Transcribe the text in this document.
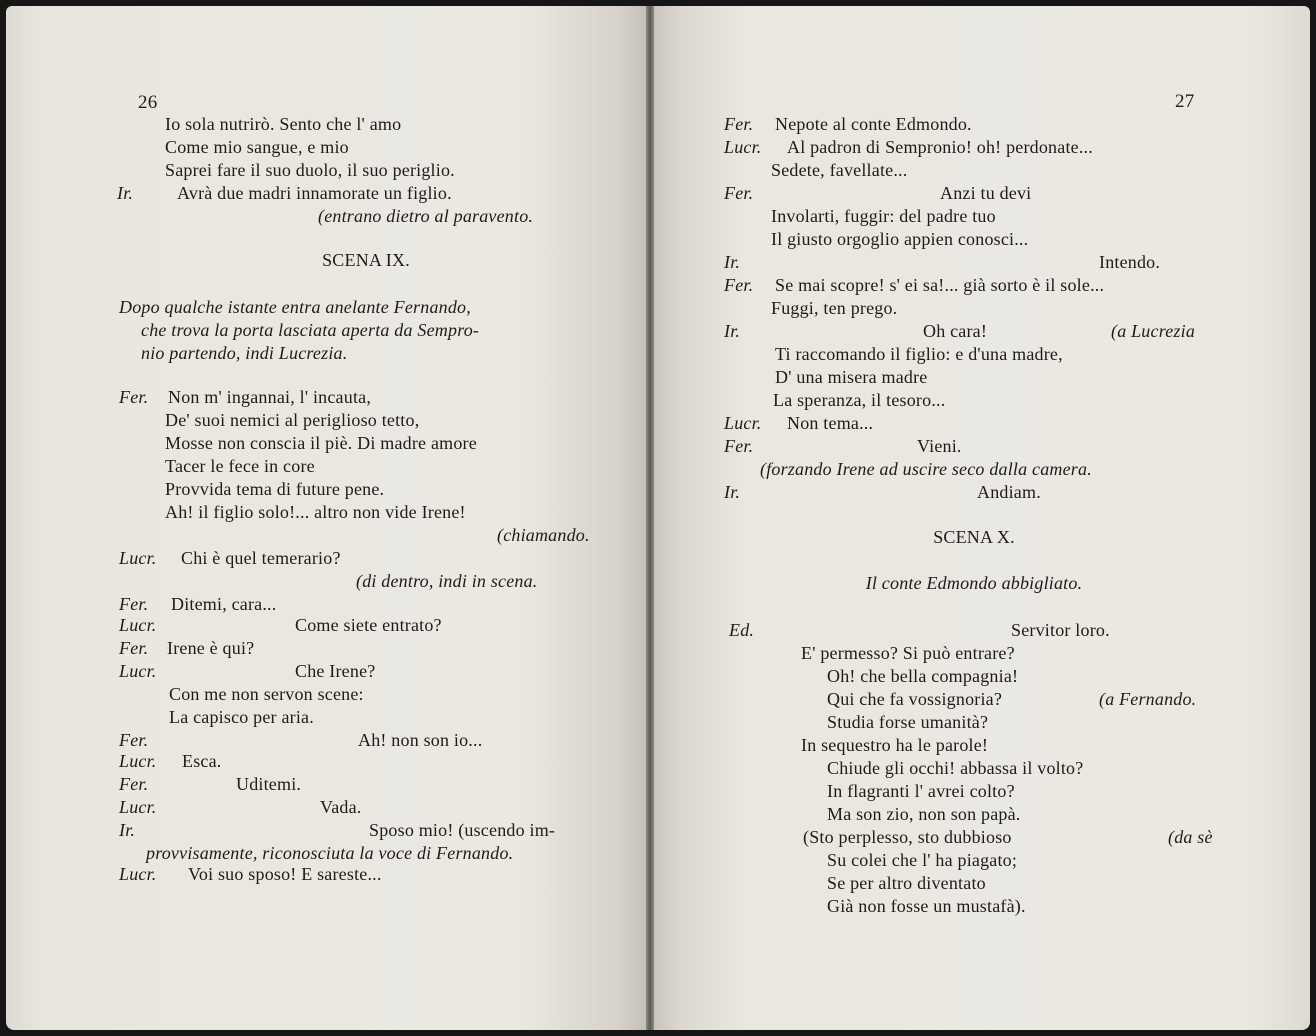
26
Io sola nutrirò. Sento che l' amo
Come mio sangue, e mio
Saprei fare il suo duolo, il suo periglio.
Ir. Avrà due madri innamorate un figlio.
(entrano dietro al paravento.
SCENA IX.
Dopo qualche istante entra anelante Fernando,
che trova la porta lasciata aperta da Sempro-
nio partendo, indi Lucrezia.
Fer. Non m' ingannai, l' incauta,
De' suoi nemici al periglioso tetto,
Mosse non conscia il piè. Di madre amore
Tacer le fece in core
Provvida tema di future pene.
Ah! il figlio solo!... altro non vide Irene!
(chiamando.
Lucr. Chi è quel temerario?
(di dentro, indi in scena.
Fer. Ditemi, cara...
Lucr.	Come siete entrato?
Fer. Irene è qui?
Lucr.	Che Irene?
Con me non servon scene:
La capisco per aria.
Fer.	Ah! non son io...
Lucr. Esca.
Fer.	Uditemi.
Lucr.	Vada.
Ir.	Sposo mio! (uscendo im-
provvisamente, riconosciuta la voce di Fernando.
Lucr. Voi suo sposo! E sareste...
27
Fer. Nepote al conte Edmondo.
Lucr. Al padron di Sempronio! oh! perdonate...
Sedete, favellate...
Fer.	Anzi tu devi
Involarti, fuggir: del padre tuo
Il giusto orgoglio appien conosci...
Ir.	Intendo.
Fer. Se mai scopre! s' ei sa!... già sorto è il sole...
Fuggi, ten prego.
Ir.	Oh cara!	(a Lucrezia
Ti raccomando il figlio: e d'una madre,
D' una misera madre
La speranza, il tesoro...
Lucr. Non tema...
Fer.	Vieni.
(forzando Irene ad uscire seco dalla camera.
Ir.	Andiam.
SCENA X.
Il conte Edmondo abbigliato.
Ed.	Servitor loro.
E' permesso? Si può entrare?
Oh! che bella compagnia!
Qui che fa vossignoria?	(a Fernando.
Studia forse umanità?
In sequestro ha le parole!
Chiude gli occhi! abbassa il volto?
In flagranti l' avrei colto?
Ma son zio, non son papà.
(Sto perplesso, sto dubbioso	(da sè
Su colei che l' ha piagato;
Se per altro diventato
Già non fosse un mustafà).
